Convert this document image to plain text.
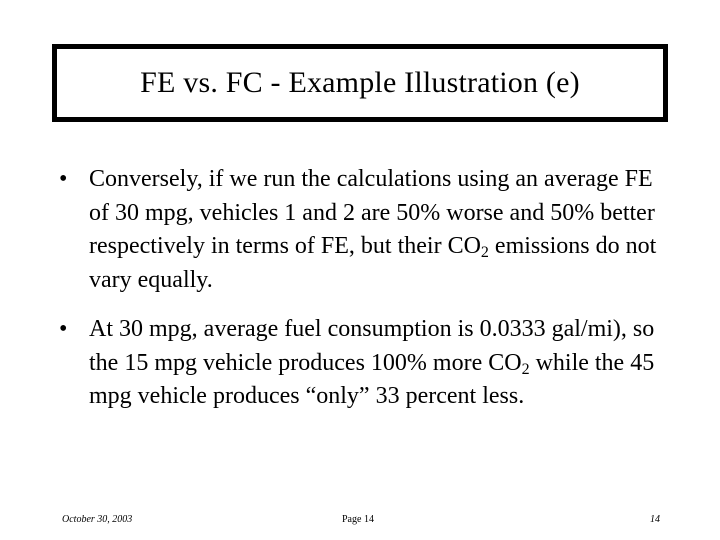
FE vs. FC - Example Illustration (e)
• Conversely, if we run the calculations using an average FE of 30 mpg, vehicles 1 and 2 are 50% worse and 50% better respectively in terms of FE, but their $CO_2$ emissions do not vary equally.
• At 30 mpg, average fuel consumption is 0.0333 gal/mi), so the 15 mpg vehicle produces 100% more $CO_2$ while the 45 mpg vehicle produces “only” 33 percent less.
October 30, 2003	Page 14	14
